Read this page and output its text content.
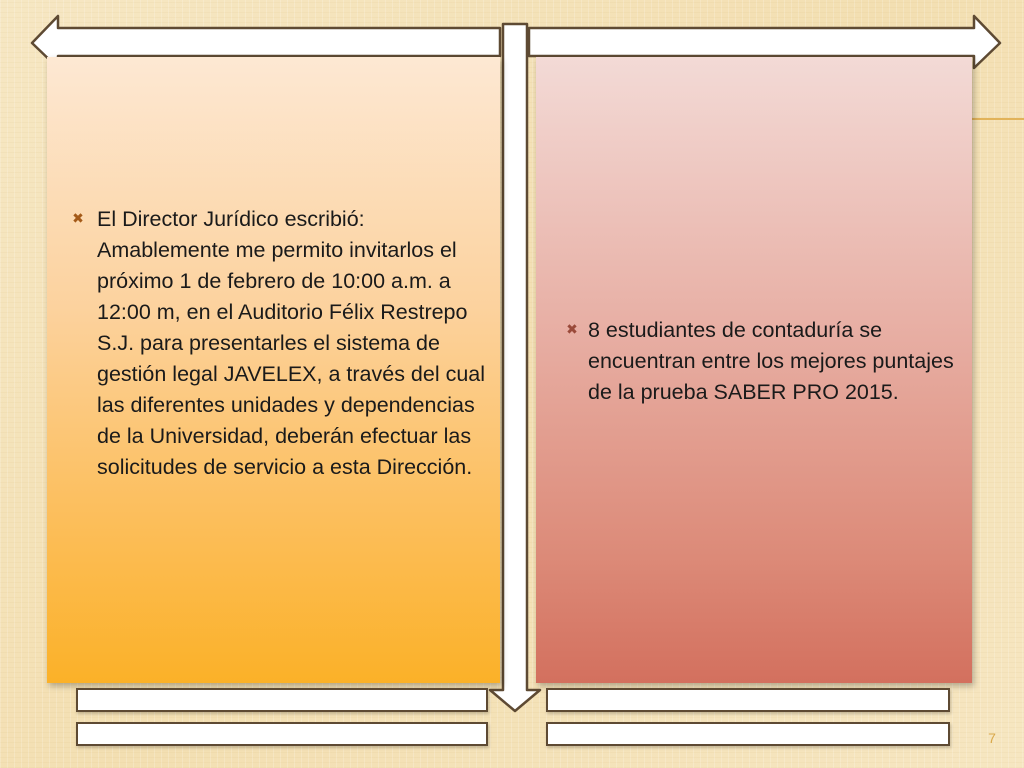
✖ El Director Jurídico escribió: Amablemente me permito invitarlos el próximo 1 de febrero de 10:00 a.m. a 12:00 m, en el Auditorio Félix Restrepo S.J. para presentarles el sistema de gestión legal JAVELEX, a través del cual las diferentes unidades y dependencias de la Universidad, deberán efectuar las solicitudes de servicio a esta Dirección.
✖ 8 estudiantes de contaduría se encuentran entre los mejores puntajes de la prueba SABER PRO 2015.
7
